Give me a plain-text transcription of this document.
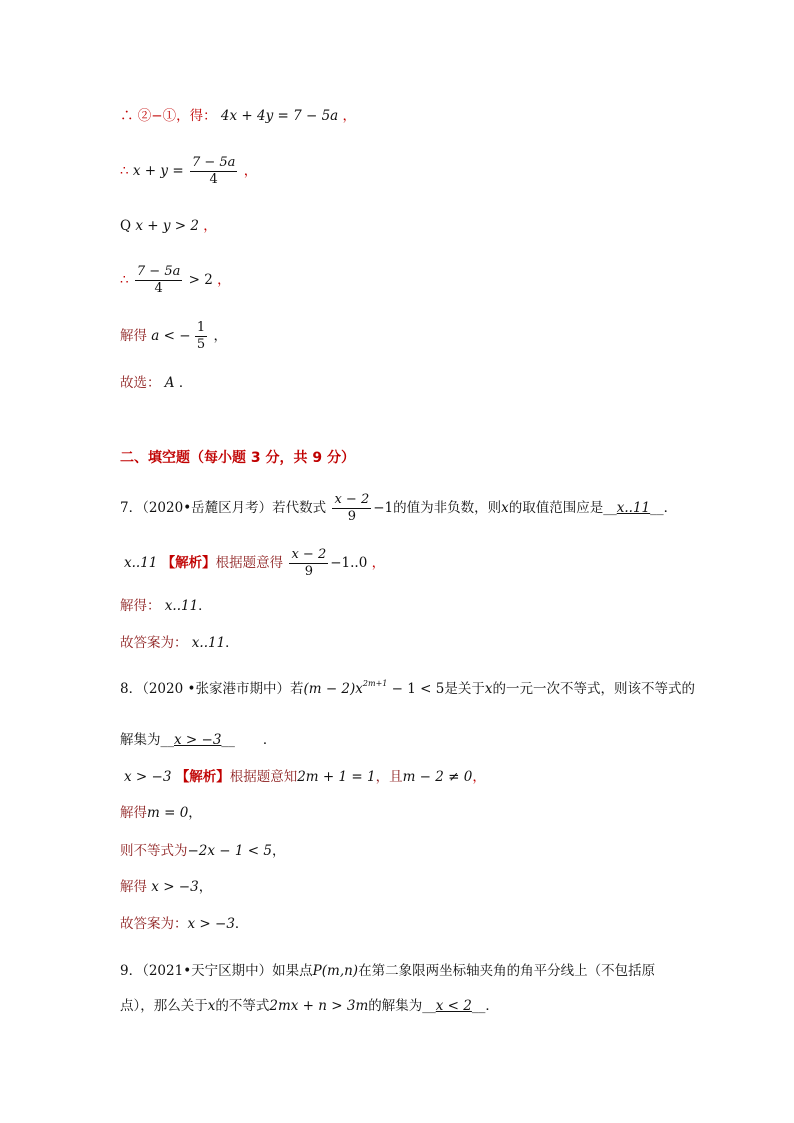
∴ ②−①，得： 4x + 4y = 7 − 5a ，
∴ $x + y = \frac{7 - 5a}{4}$ ，
Q x + y > 2 ，
∴ $\frac{7 - 5a}{4} > 2$ ，
解得 a < − $\frac{1}{5}$ ，
故选： A ．
二、填空题（每小题 3 分，共 9 分）
7．（2020•岳麓区月考）若代数式 $\frac{x - 2}{9} -1$的值为非负数，则x的取值范围应是__x..11__．
x..11 【解析】根据题意得 $\frac{x - 2}{9} -1..0$ ，
解得： x..11．
故答案为： x..11．
8．（2020 •张家港市期中）若$(m - 2)x^{2m+1} - 1 < 5$是关于x的一元一次不等式，则该不等式的
解集为__x > −3__ ．
x > −3 【解析】根据题意知2m + 1 = 1，且m − 2 ≠ 0，
解得m = 0，
则不等式为−2x − 1 < 5，
解得 x > −3，
故答案为：x > −3．
9．（2021•天宁区期中）如果点P(m,n)在第二象限两坐标轴夹角的角平分线上（不包括原
点），那么关于x的不等式2mx + n > 3m的解集为__x < 2__．
